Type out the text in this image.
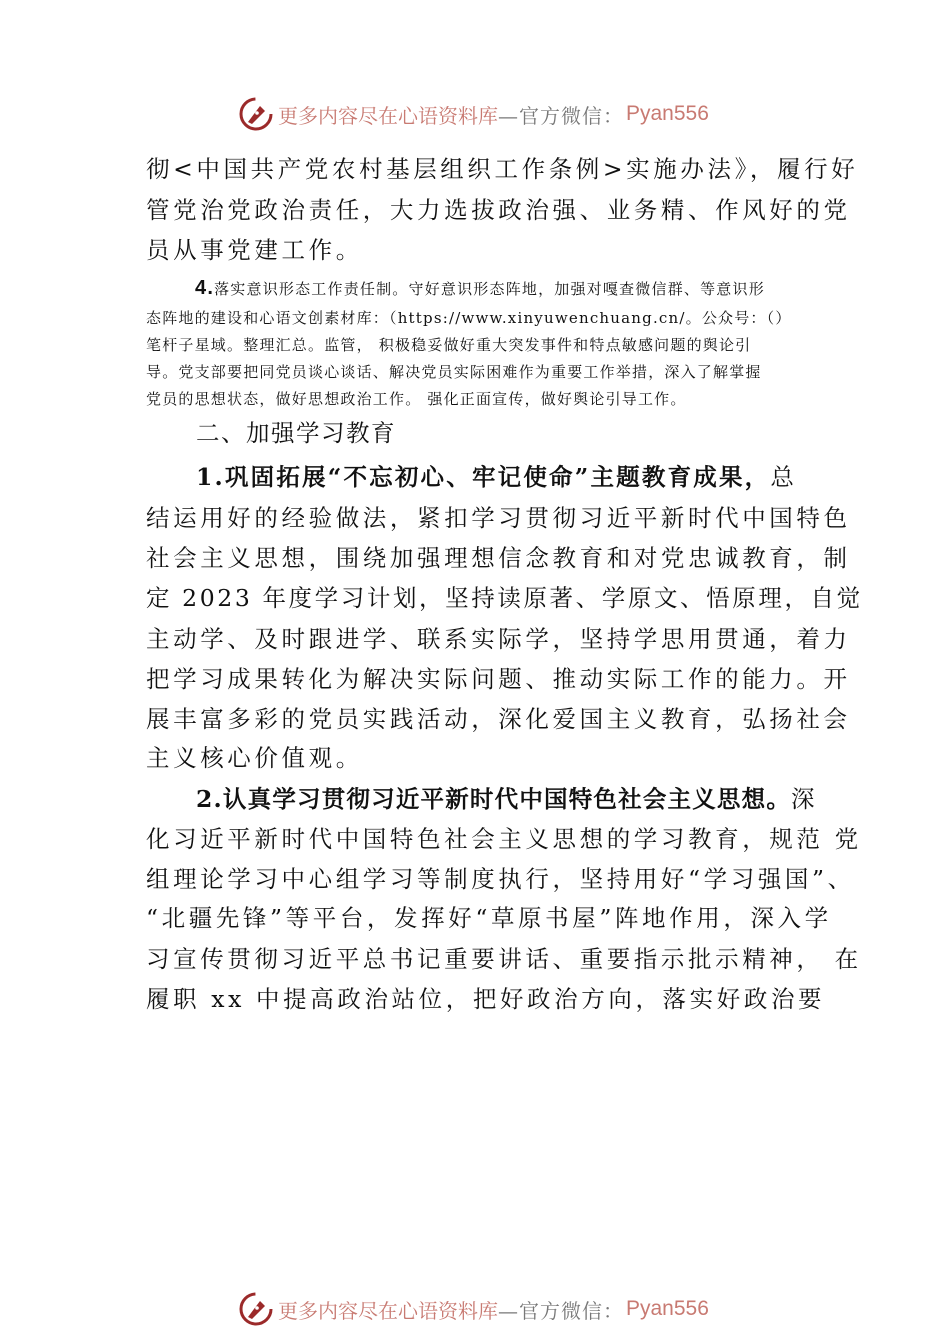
更多内容尽在心语资料库 —官方微信： Pyan556
彻<中国共产党农村基层组织工作条例>实施办法》，履行好
管党治党政治责任，大力选拔政治强、业务精、作风好的党
员从事党建工作。
4.落实意识形态工作责任制。守好意识形态阵地，加强对嘎查微信群、等意识形
态阵地的建设和心语文创素材库：（https://www.xinyuwenchuang.cn/。公众号：（）
笔杆子星域。整理汇总。监管， 积极稳妥做好重大突发事件和特点敏感问题的舆论引
导。党支部要把同党员谈心谈话、解决党员实际困难作为重要工作举措，深入了解掌握
党员的思想状态，做好思想政治工作。 强化正面宣传，做好舆论引导工作。
二、加强学习教育
1.巩固拓展“不忘初心、牢记使命”主题教育成果，总
结运用好的经验做法，紧扣学习贯彻习近平新时代中国特色
社会主义思想，围绕加强理想信念教育和对党忠诚教育，制
定 2023 年度学习计划，坚持读原著、学原文、悟原理，自觉
主动学、及时跟进学、联系实际学，坚持学思用贯通，着力
把学习成果转化为解决实际问题、推动实际工作的能力。开
展丰富多彩的党员实践活动，深化爱国主义教育，弘扬社会
主义核心价值观。
2.认真学习贯彻习近平新时代中国特色社会主义思想。深
化习近平新时代中国特色社会主义思想的学习教育，规范 党
组理论学习中心组学习等制度执行，坚持用好“学习强国”、
“北疆先锋”等平台，发挥好“草原书屋”阵地作用，深入学
习宣传贯彻习近平总书记重要讲话、重要指示批示精神， 在
履职 xx 中提高政治站位，把好政治方向，落实好政治要
更多内容尽在心语资料库 —官方微信： Pyan556
